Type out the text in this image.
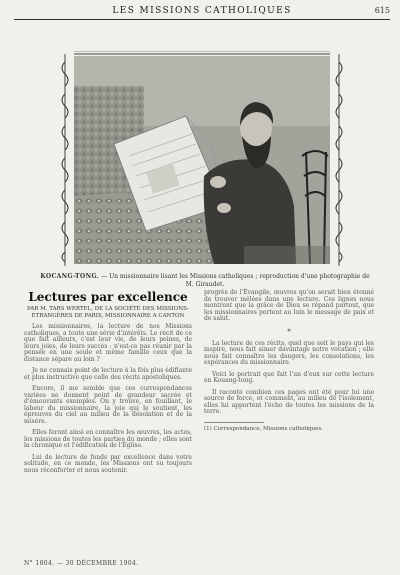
LES MISSIONS CATHOLIQUES	615
KOCANG-TONG. — Un missionnaire lisant les Missions catholiques ; reproduction d'une photographie de M. Giraudet.
Lectures par excellence
PAR M. TARS WERTEL, DE LA SOCIÉTÉ DES MISSIONS-ÉTRANGÈRES DE PARIS, MISSIONNAIRE A CANTON

Les missionnaires, la lecture de nos Missions catholiques, a toute une série d'intérêts. Le récit de ce que fait ailleurs, c'est leur vie, de leurs peines, de leurs joies, de leurs succès : n'est-ce pas réunir par la pensée en une seule et même famille ceux que la distance sépare au loin ?

Je ne connais point de lecture à la fois plus édifiante et plus instructive que celle des récits apostoliques.

Encore, il me semble que ces correspondances variées ne donnent point de grandeur sacrée et d'émouvants exemples. On y trouve, en fouillant, le labeur du missionnaire, la joie qui le soutient, les épreuves du ciel au milieu de la désolation et de la misère.

Elles feront ainsi en connaître les œuvres, les actes, les missions de toutes les parties du monde ; elles sont la chronique et l'édification de l'Église.

Lui de lecture de fonds par excellence dans votre solitude, en ce monde, les Missions ont su toujours nous réconforter et nous soutenir.

progrès de l'Évangile, œuvres qu'on serait bien étonné de trouver mêlées dans une lecture. Ces lignes nous montrent que la grâce de Dieu se répand partout, que les missionnaires portent au loin le message de paix et de salut.

*

La lecture de ces récits, quel que soit le pays qui les inspire, nous fait aimer davantage notre vocation ; elle nous fait connaître les dangers, les consolations, les espérances du missionnaire.

Voici le portrait que fait l'un d'eux sur cette lecture en Kouang-tong.

Il raconte combien ces pages ont été pour lui une source de force, et comment, au milieu de l'isolement, elles lui apportent l'écho de toutes les missions de la terre.

(1) Correspondance, Missions catholiques.

N° 1804. — 30 DÉCEMBRE 1904.
